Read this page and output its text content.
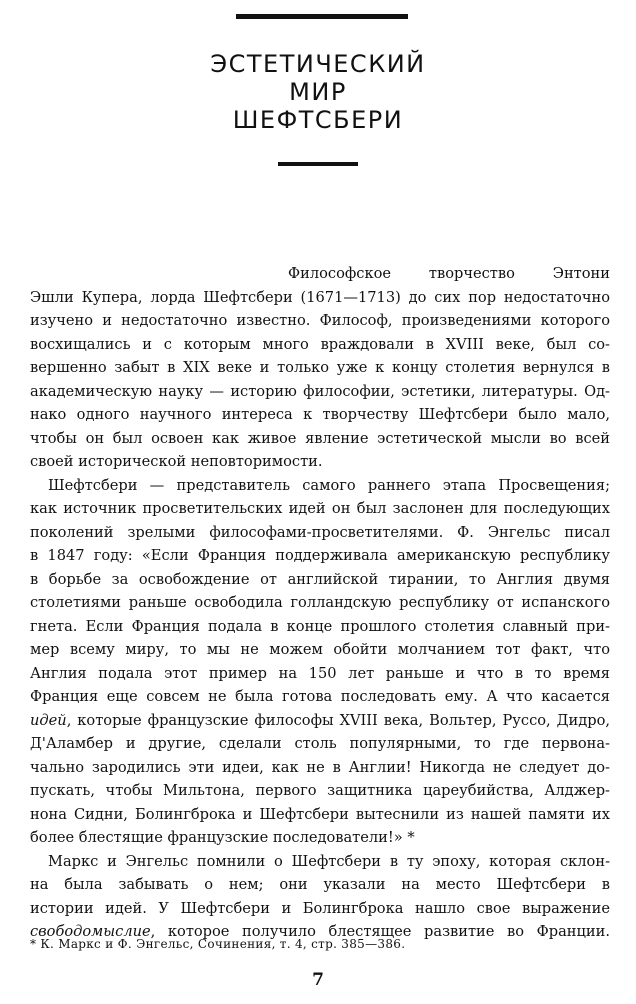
ЭСТЕТИЧЕСКИЙ
МИР
ШЕФТСБЕРИ
Философское творчество Энтони
Эшли Купера, лорда Шефтсбери (1671—1713) до сих пор недостаточно
изучено и недостаточно известно. Философ, произведениями которого
восхищались и с которым много враждовали в XVIII веке, был со-
вершенно забыт в XIX веке и только уже к концу столетия вернулся в
академическую науку — историю философии, эстетики, литературы. Од-
нако одного научного интереса к творчеству Шефтсбери было мало,
чтобы он был освоен как живое явление эстетической мысли во всей
своей исторической неповторимости.
Шефтсбери — представитель самого раннего этапа Просвещения;
как источник просветительских идей он был заслонен для последующих
поколений зрелыми философами-просветителями. Ф. Энгельс писал
в 1847 году: «Если Франция поддерживала американскую республику
в борьбе за освобождение от английской тирании, то Англия двумя
столетиями раньше освободила голландскую республику от испанского
гнета. Если Франция подала в конце прошлого столетия славный при-
мер всему миру, то мы не можем обойти молчанием тот факт, что
Англия подала этот пример на 150 лет раньше и что в то время
Франция еще совсем не была готова последовать ему. А что касается
идей, которые французские философы XVIII века, Вольтер, Руссо, Дидро,
Д'Аламбер и другие, сделали столь популярными, то где первона-
чально зародились эти идеи, как не в Англии! Никогда не следует до-
пускать, чтобы Мильтона, первого защитника цареубийства, Алджер-
нона Сидни, Болингброка и Шефтсбери вытеснили из нашей памяти их
более блестящие французские последователи!» *
Маркс и Энгельс помнили о Шефтсбери в ту эпоху, которая склон-
на была забывать о нем; они указали на место Шефтсбери в
истории идей. У Шефтсбери и Болингброка нашло свое выражение
свободомыслие, которое получило блестящее развитие во Франции.
* К. Маркс и Ф. Энгельс, Сочинения, т. 4, стр. 385—386.
7
